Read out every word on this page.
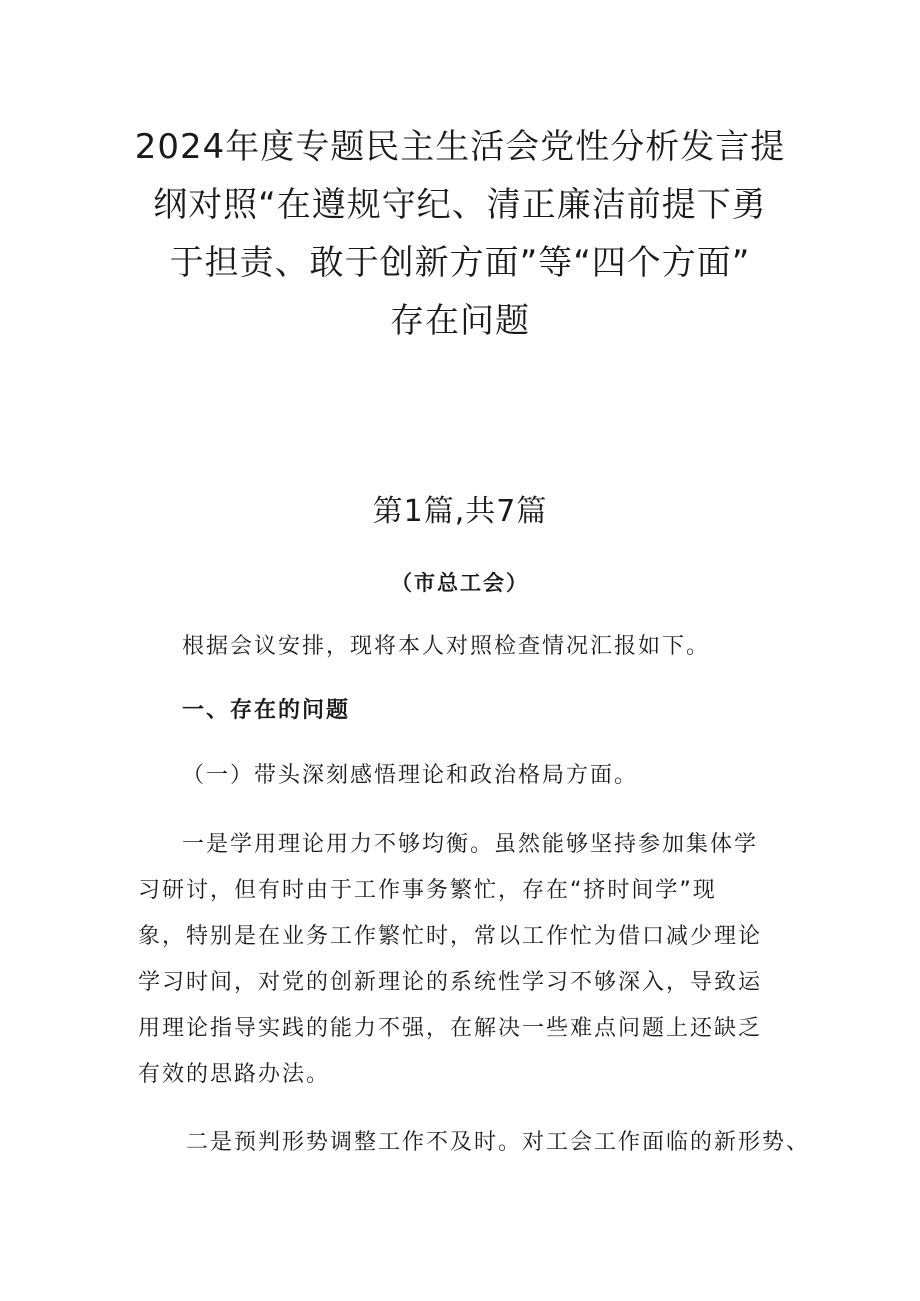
2024年度专题民主生活会党性分析发言提
纲对照“在遵规守纪、清正廉洁前提下勇
于担责、敢于创新方面”等“四个方面”
存在问题
第1篇,共7篇
（市总工会）
根据会议安排，现将本人对照检查情况汇报如下。
一、存在的问题
（一）带头深刻感悟理论和政治格局方面。
一是学用理论用力不够均衡。虽然能够坚持参加集体学
习研讨，但有时由于工作事务繁忙，存在“挤时间学”现
象，特别是在业务工作繁忙时，常以工作忙为借口减少理论
学习时间，对党的创新理论的系统性学习不够深入，导致运
用理论指导实践的能力不强，在解决一些难点问题上还缺乏
有效的思路办法。
二是预判形势调整工作不及时。对工会工作面临的新形势、
